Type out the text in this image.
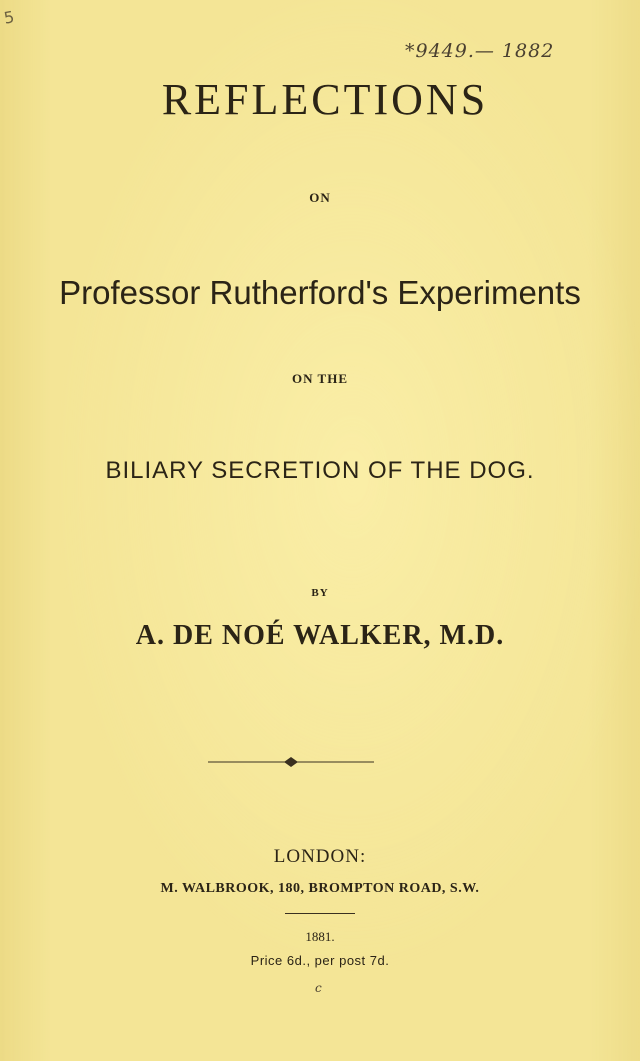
5
*9449.— 1882
REFLECTIONS
ON
Professor Rutherford's Experiments
ON THE
BILIARY SECRETION OF THE DOG.
BY
A. DE NOÉ WALKER, M.D.
LONDON:
M. WALBROOK, 180, BROMPTON ROAD, S.W.
1881.
Price 6d., per post 7d.
c
